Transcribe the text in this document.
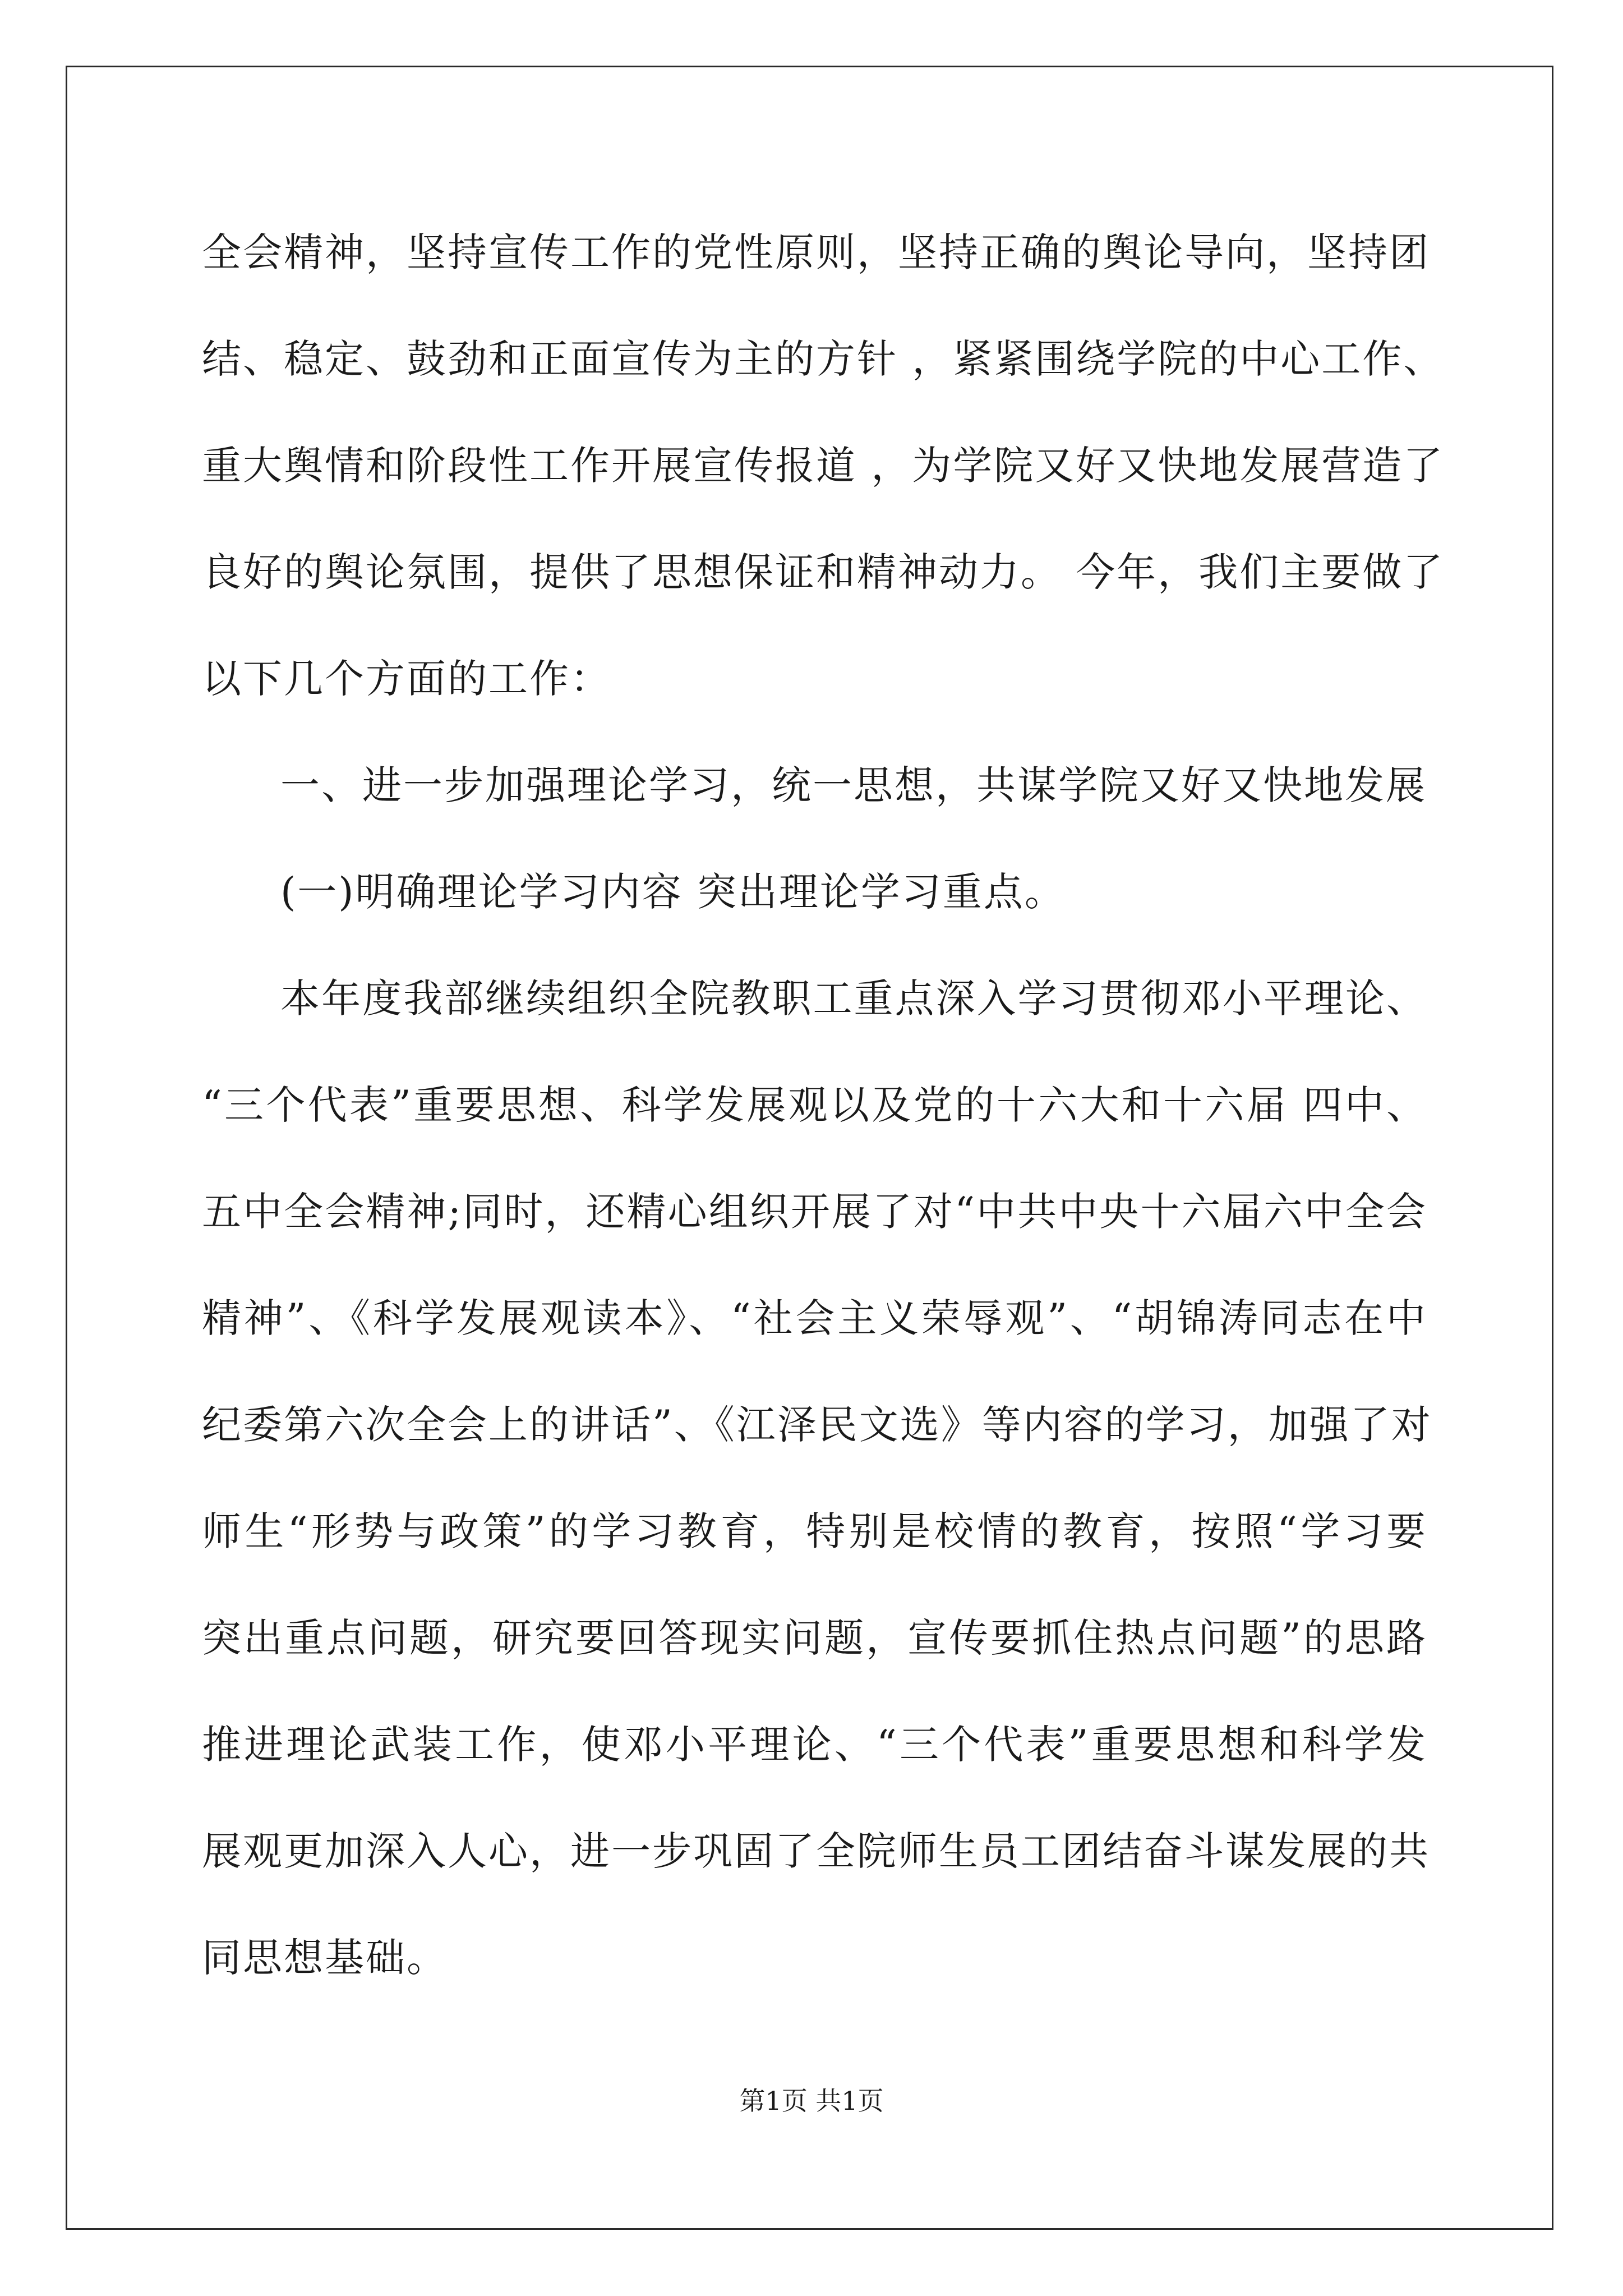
全会精神，坚持宣传工作的党性原则，坚持正确的舆论导向，坚持团
结、稳定、鼓劲和正面宣传为主的方针 ，紧紧围绕学院的中心工作、
重大舆情和阶段性工作开展宣传报道 ，为学院又好又快地发展营造了
良好的舆论氛围，提供了思想保证和精神动力。 今年，我们主要做了
以下几个方面的工作：
一、进一步加强理论学习，统一思想，共谋学院又好又快地发展
(一)明确理论学习内容 突出理论学习重点。
本年度我部继续组织全院教职工重点深入学习贯彻邓小平理论、
“三个代表”重要思想、科学发展观以及党的十六大和十六届 四中、
五中全会精神;同时，还精心组织开展了对“中共中央十六届六中全会
精神”、《科学发展观读本》、“社会主义荣辱观”、“胡锦涛同志在中
纪委第六次全会上的讲话”、《江泽民文选》等内容的学习，加强了对
师生“形势与政策”的学习教育，特别是校情的教育，按照“学习要
突出重点问题，研究要回答现实问题，宣传要抓住热点问题”的思路
推进理论武装工作，使邓小平理论、“三个代表”重要思想和科学发
展观更加深入人心，进一步巩固了全院师生员工团结奋斗谋发展的共
同思想基础。
第1页 共1页
